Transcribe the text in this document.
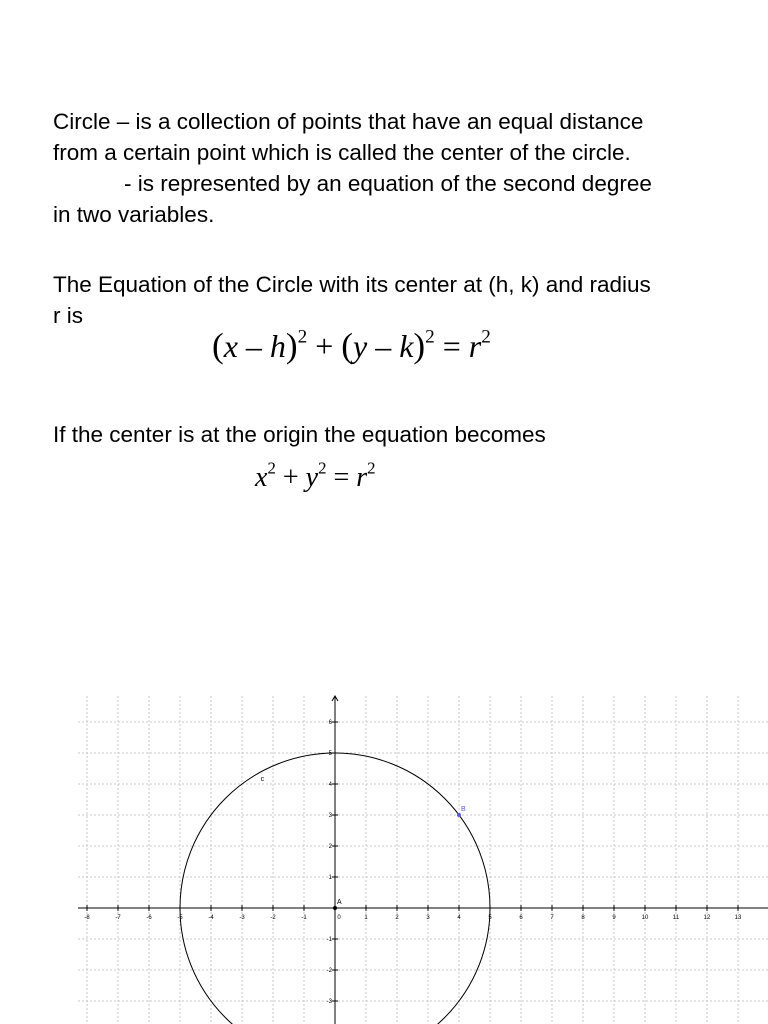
Circle – is a collection of points that have an equal distance
from a certain point which is called the center of the circle.
- is represented by an equation of the second degree
in two variables.
The Equation of the Circle with its center at (h, k) and radius
r is
$(x - h)^2 + (y - k)^2 = r^2$
If the center is at the origin the equation becomes
$x^2 + y^2 = r^2$
-8	-7	-6	-5	-4	-3	-2	-1	0	1	2	3	4	5	6	7	8	9	10	11	12	13
-3
-2
-1
1
2
3
4
5
6
c
A
B
